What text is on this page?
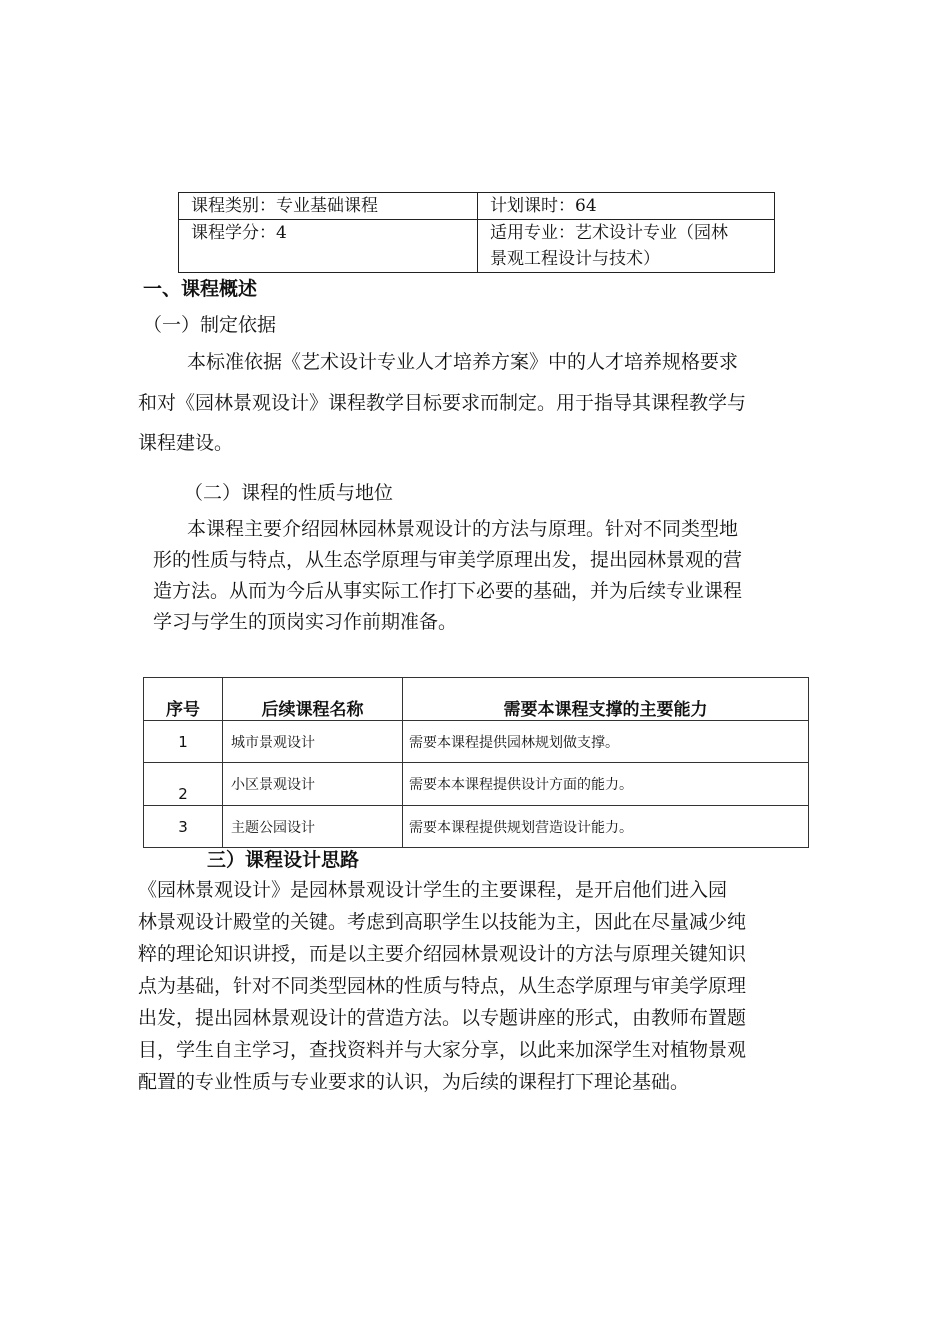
课程类别：专业基础课程	计划课时：64
课程学分：4	适用专业：艺术设计专业（园林
景观工程设计与技术）
一、课程概述
（一）制定依据
本标准依据《艺术设计专业人才培养方案》中的人才培养规格要求
和对《园林景观设计》课程教学目标要求而制定。用于指导其课程教学与
课程建设。
（二）课程的性质与地位
本课程主要介绍园林园林景观设计的方法与原理。针对不同类型地
形的性质与特点，从生态学原理与审美学原理出发，提出园林景观的营
造方法。从而为今后从事实际工作打下必要的基础，并为后续专业课程
学习与学生的顶岗实习作前期准备。
序号	后续课程名称	需要本课程支撑的主要能力
1	城市景观设计	需要本课程提供园林规划做支撑。
2	小区景观设计	需要本本课程提供设计方面的能力。
3	主题公园设计	需要本课程提供规划营造设计能力。
三）课程设计思路
《园林景观设计》是园林景观设计学生的主要课程，是开启他们进入园
林景观设计殿堂的关键。考虑到高职学生以技能为主，因此在尽量减少纯
粹的理论知识讲授，而是以主要介绍园林景观设计的方法与原理关键知识
点为基础，针对不同类型园林的性质与特点，从生态学原理与审美学原理
出发，提出园林景观设计的营造方法。以专题讲座的形式，由教师布置题
目，学生自主学习，查找资料并与大家分享，以此来加深学生对植物景观
配置的专业性质与专业要求的认识，为后续的课程打下理论基础。
